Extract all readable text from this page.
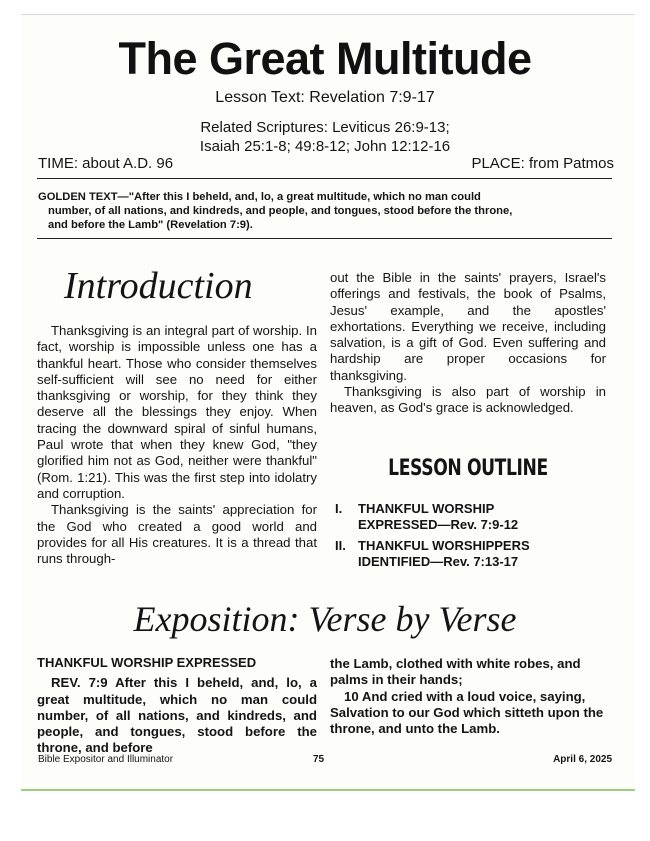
The Great Multitude
Lesson Text: Revelation 7:9-17
Related Scriptures: Leviticus 26:9-13;
Isaiah 25:1-8; 49:8-12; John 12:12-16
TIME: about A.D. 96	PLACE: from Patmos
GOLDEN TEXT—"After this I beheld, and, lo, a great multitude, which no man could
number, of all nations, and kindreds, and people, and tongues, stood before the throne,
and before the Lamb" (Revelation 7:9).
Introduction

Thanksgiving is an integral part of worship. In fact, worship is impossible unless one has a thankful heart. Those who consider themselves self-sufficient will see no need for either thanksgiving or worship, for they think they deserve all the blessings they enjoy. When tracing the downward spiral of sinful humans, Paul wrote that when they knew God, "they glorified him not as God, neither were thankful" (Rom. 1:21). This was the first step into idolatry and corruption.

Thanksgiving is the saints' appreciation for the God who created a good world and provides for all His creatures. It is a thread that runs through-

out the Bible in the saints' prayers, Israel's offerings and festivals, the book of Psalms, Jesus' example, and the apostles' exhortations. Everything we receive, including salvation, is a gift of God. Even suffering and hardship are proper occasions for thanksgiving.

Thanksgiving is also part of worship in heaven, as God's grace is acknowledged.

LESSON OUTLINE
I. THANKFUL WORSHIP
EXPRESSED—Rev. 7:9-12
II. THANKFUL WORSHIPPERS
IDENTIFIED—Rev. 7:13-17
Exposition: Verse by Verse
THANKFUL WORSHIP EXPRESSED

REV. 7:9 After this I beheld, and, lo, a great multitude, which no man could number, of all nations, and kindreds, and people, and tongues, stood before the throne, and before

the Lamb, clothed with white robes, and palms in their hands;

10 And cried with a loud voice, saying, Salvation to our God which sitteth upon the throne, and unto the Lamb.

Bible Expositor and Illuminator	75	April 6, 2025
